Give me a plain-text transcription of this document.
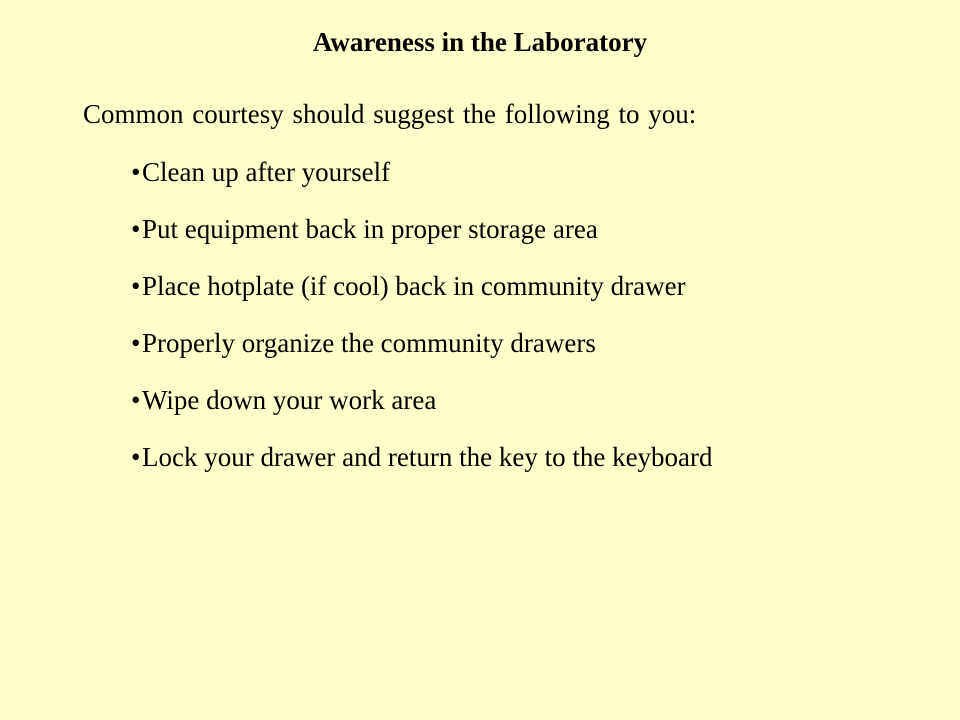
Awareness in the Laboratory

Common courtesy should suggest the following to you:

•Clean up after yourself
•Put equipment back in proper storage area
•Place hotplate (if cool) back in community drawer
•Properly organize the community drawers
•Wipe down your work area
•Lock your drawer and return the key to the keyboard
